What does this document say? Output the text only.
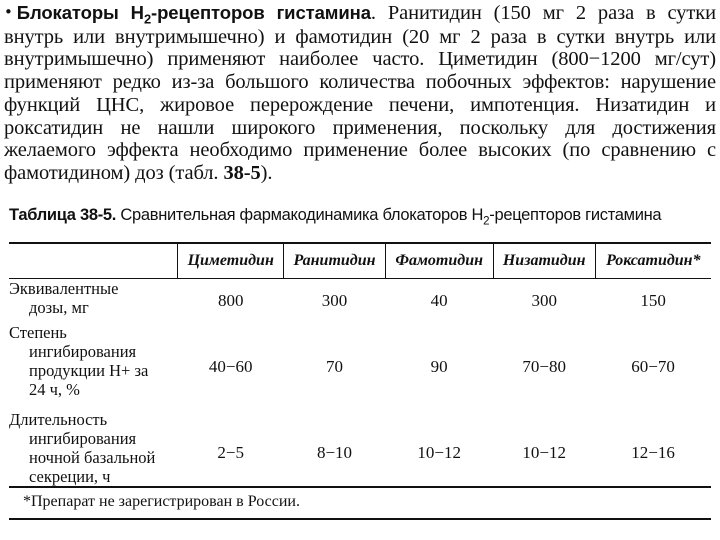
• Блокаторы $Н_2$-рецепторов гистамина. Ранитидин (150 мг 2 раза в сутки внутрь или внутримышечно) и фамотидин (20 мг 2 раза в сутки внутрь или внутримышечно) применяют наиболее часто. Циметидин (800−1200 мг/сут) применяют редко из-за большого количества побочных эффектов: нарушение функций ЦНС, жировое перерождение печени, импотенция. Низатидин и роксатидин не нашли широкого применения, поскольку для достижения желаемого эффекта необходимо применение более высоких (по сравнению с фамотидином) доз (табл. 38-5).
Таблица 38-5. Сравнительная фармакодинамика блокаторов $Н_2$-рецепторов гистамина
	Циметидин	Ранитидин	Фамотидин	Низатидин	Роксатидин*

Эквивалентные
дозы, мг	800	300	40	300	150

Степень
ингибирования
продукции H+ за
24 ч, %	40−60	70	90	70−80	60−70

Длительность
ингибирования
ночной базальной
секреции, ч	2−5	8−10	10−12	10−12	12−16
*Препарат не зарегистрирован в России.
